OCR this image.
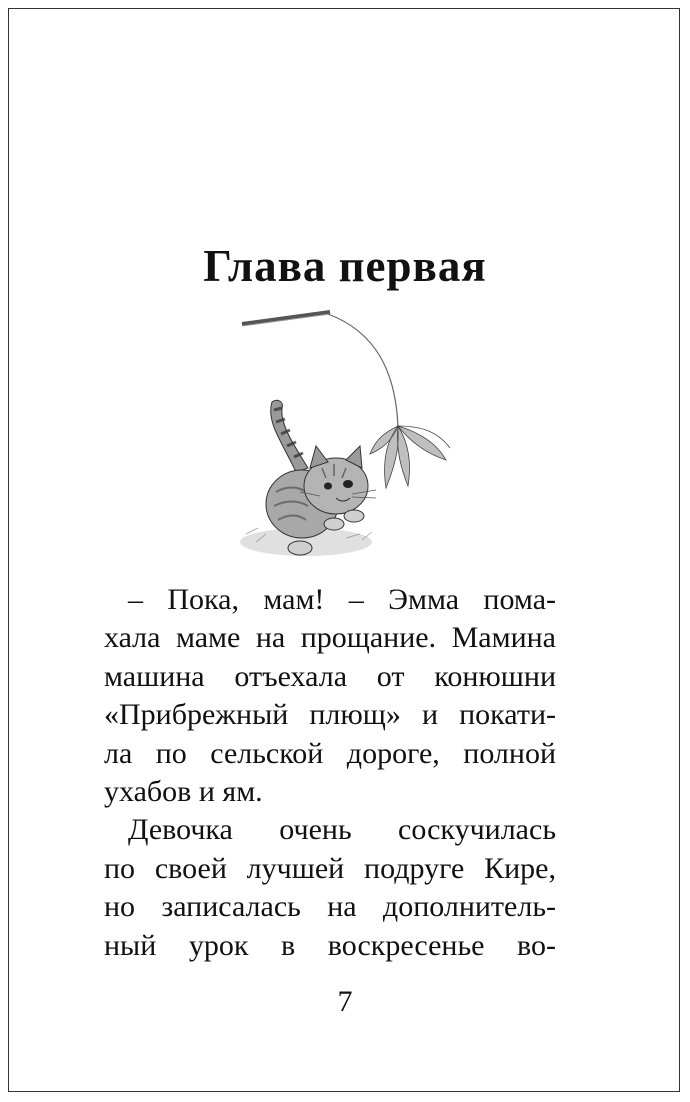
Глава первая
– Пока, мам! – Эмма пома-
хала маме на прощание. Мамина
машина отъехала от конюшни
«Прибрежный плющ» и покати-
ла по сельской дороге, полной
ухабов и ям.
Девочка очень соскучилась
по своей лучшей подруге Кире,
но записалась на дополнитель-
ный урок в воскресенье во-
7
